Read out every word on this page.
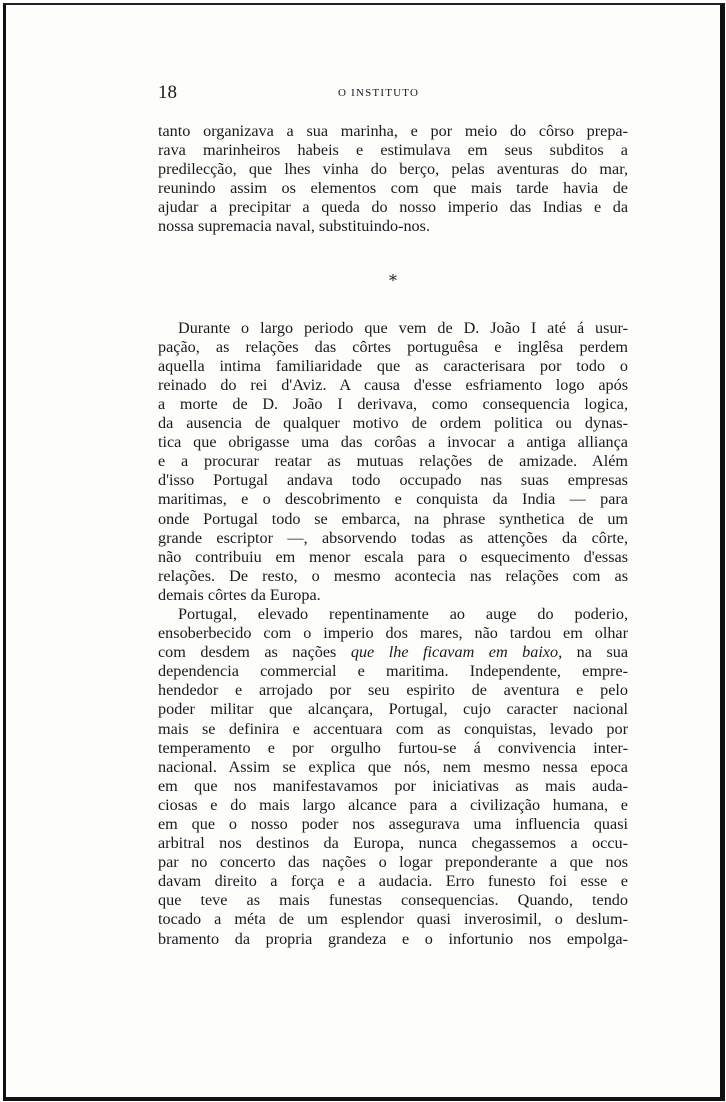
18	O INSTITUTO
tanto organizava a sua marinha, e por meio do côrso prepa-
rava marinheiros habeis e estimulava em seus subditos a
predilecção, que lhes vinha do berço, pelas aventuras do mar,
reunindo assim os elementos com que mais tarde havia de
ajudar a precipitar a queda do nosso imperio das Indias e da
nossa supremacia naval, substituindo-nos.
*
Durante o largo periodo que vem de D. João I até á usur-
pação, as relações das côrtes portuguêsa e inglêsa perdem
aquella intima familiaridade que as caracterisara por todo o
reinado do rei d'Aviz. A causa d'esse esfriamento logo após
a morte de D. João I derivava, como consequencia logica,
da ausencia de qualquer motivo de ordem politica ou dynas-
tica que obrigasse uma das corôas a invocar a antiga alliança
e a procurar reatar as mutuas relações de amizade. Além
d'isso Portugal andava todo occupado nas suas empresas
maritimas, e o descobrimento e conquista da India — para
onde Portugal todo se embarca, na phrase synthetica de um
grande escriptor —, absorvendo todas as attenções da côrte,
não contribuiu em menor escala para o esquecimento d'essas
relações. De resto, o mesmo acontecia nas relações com as
demais côrtes da Europa.
Portugal, elevado repentinamente ao auge do poderio,
ensoberbecido com o imperio dos mares, não tardou em olhar
com desdem as nações que lhe ficavam em baixo, na sua
dependencia commercial e maritima. Independente, empre-
hendedor e arrojado por seu espirito de aventura e pelo
poder militar que alcançara, Portugal, cujo caracter nacional
mais se definira e accentuara com as conquistas, levado por
temperamento e por orgulho furtou-se á convivencia inter-
nacional. Assim se explica que nós, nem mesmo nessa epoca
em que nos manifestavamos por iniciativas as mais auda-
ciosas e do mais largo alcance para a civilização humana, e
em que o nosso poder nos assegurava uma influencia quasi
arbitral nos destinos da Europa, nunca chegassemos a occu-
par no concerto das nações o logar preponderante a que nos
davam direito a força e a audacia. Erro funesto foi esse e
que teve as mais funestas consequencias. Quando, tendo
tocado a méta de um esplendor quasi inverosimil, o deslum-
bramento da propria grandeza e o infortunio nos empolga-
